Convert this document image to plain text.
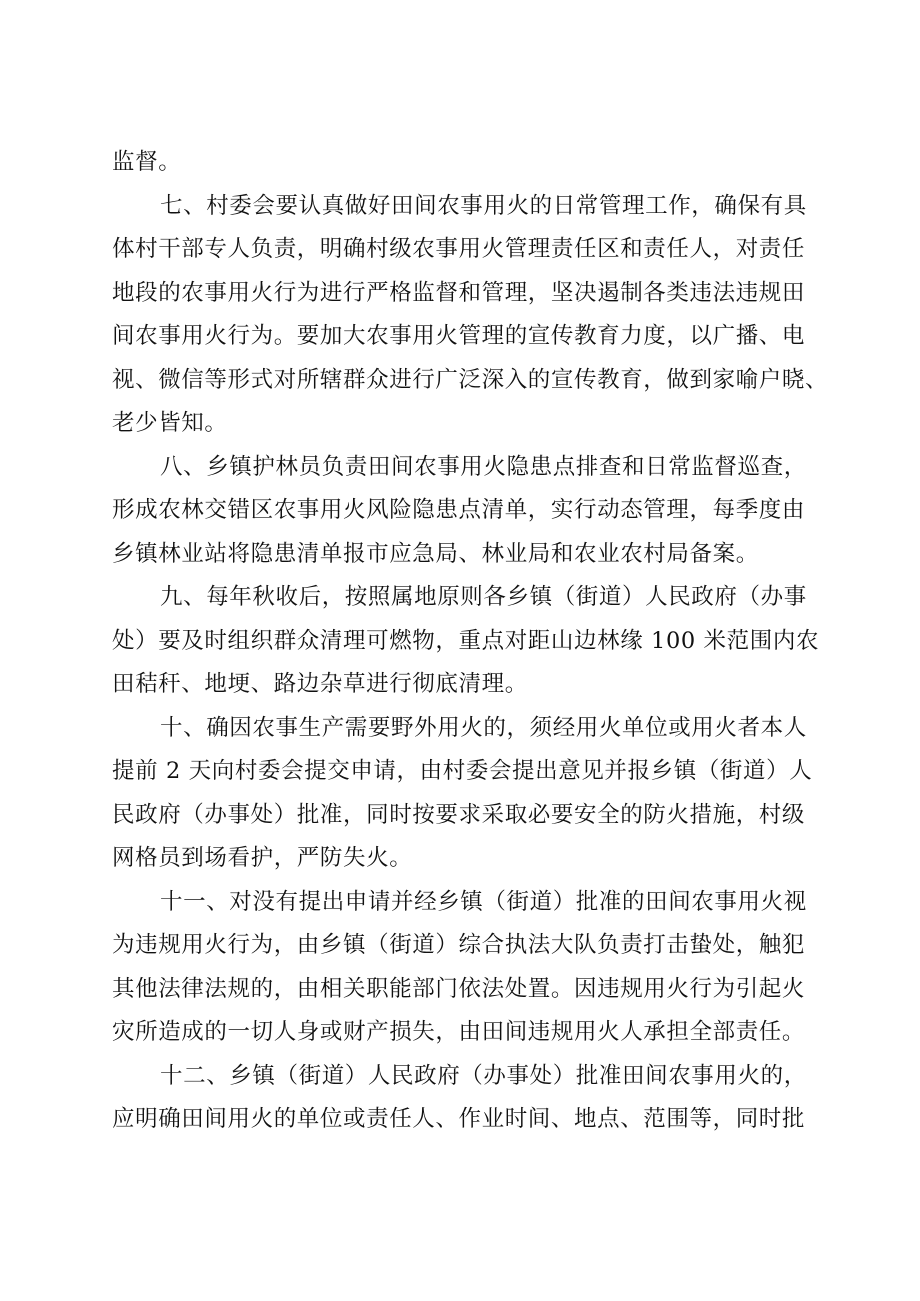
监督。
七、村委会要认真做好田间农事用火的日常管理工作，确保有具
体村干部专人负责，明确村级农事用火管理责任区和责任人，对责任
地段的农事用火行为进行严格监督和管理，坚决遏制各类违法违规田
间农事用火行为。要加大农事用火管理的宣传教育力度，以广播、电
视、微信等形式对所辖群众进行广泛深入的宣传教育，做到家喻户晓、
老少皆知。
八、乡镇护林员负责田间农事用火隐患点排查和日常监督巡查，
形成农林交错区农事用火风险隐患点清单，实行动态管理，每季度由
乡镇林业站将隐患清单报市应急局、林业局和农业农村局备案。
九、每年秋收后，按照属地原则各乡镇（街道）人民政府（办事
处）要及时组织群众清理可燃物，重点对距山边林缘 100 米范围内农
田秸秆、地埂、路边杂草进行彻底清理。
十、确因农事生产需要野外用火的，须经用火单位或用火者本人
提前 2 天向村委会提交申请，由村委会提出意见并报乡镇（街道）人
民政府（办事处）批准，同时按要求采取必要安全的防火措施，村级
网格员到场看护，严防失火。
十一、对没有提出申请并经乡镇（街道）批准的田间农事用火视
为违规用火行为，由乡镇（街道）综合执法大队负责打击蛰处，触犯
其他法律法规的，由相关职能部门依法处置。因违规用火行为引起火
灾所造成的一切人身或财产损失，由田间违规用火人承担全部责任。
十二、乡镇（街道）人民政府（办事处）批准田间农事用火的，
应明确田间用火的单位或责任人、作业时间、地点、范围等，同时批
